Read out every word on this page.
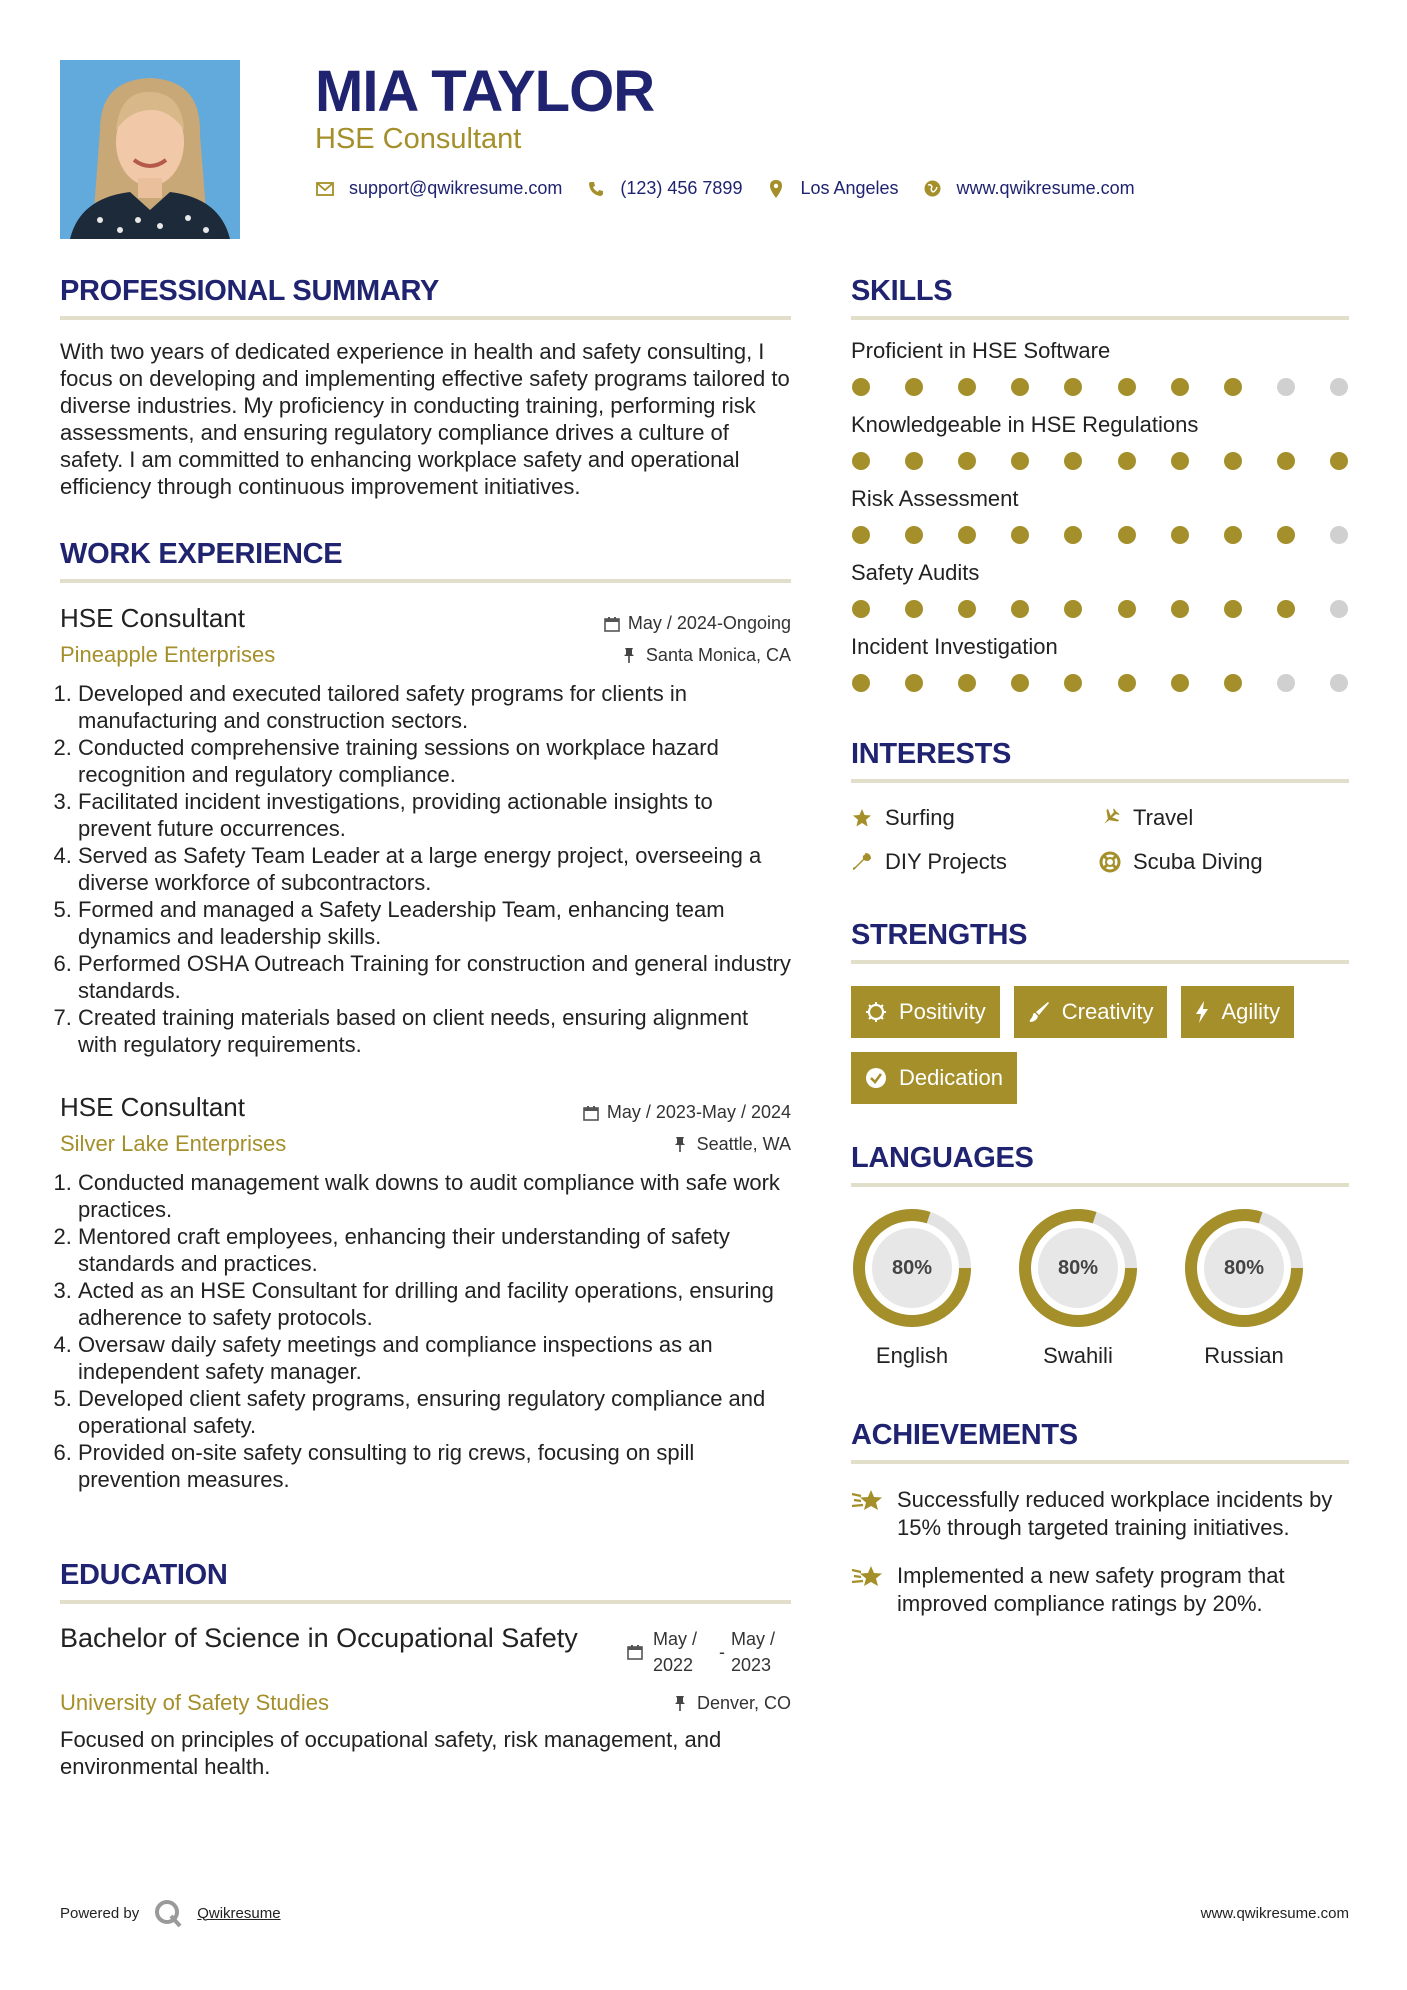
MIA TAYLOR
HSE Consultant
support@qwikresume.com	(123) 456 7899	Los Angeles	www.qwikresume.com
PROFESSIONAL SUMMARY

With two years of dedicated experience in health and safety consulting, I focus on developing and implementing effective safety programs tailored to diverse industries. My proficiency in conducting training, performing risk assessments, and ensuring regulatory compliance drives a culture of safety. I am committed to enhancing workplace safety and operational efficiency through continuous improvement initiatives.

WORK EXPERIENCE
HSE Consultant	May / 2024-Ongoing
Pineapple Enterprises	Santa Monica, CA
1. Developed and executed tailored safety programs for clients in manufacturing and construction sectors.
2. Conducted comprehensive training sessions on workplace hazard recognition and regulatory compliance.
3. Facilitated incident investigations, providing actionable insights to prevent future occurrences.
4. Served as Safety Team Leader at a large energy project, overseeing a diverse workforce of subcontractors.
5. Formed and managed a Safety Leadership Team, enhancing team dynamics and leadership skills.
6. Performed OSHA Outreach Training for construction and general industry standards.
7. Created training materials based on client needs, ensuring alignment with regulatory requirements.
HSE Consultant	May / 2023-May / 2024
Silver Lake Enterprises	Seattle, WA
1. Conducted management walk downs to audit compliance with safe work practices.
2. Mentored craft employees, enhancing their understanding of safety standards and practices.
3. Acted as an HSE Consultant for drilling and facility operations, ensuring adherence to safety protocols.
4. Oversaw daily safety meetings and compliance inspections as an independent safety manager.
5. Developed client safety programs, ensuring regulatory compliance and operational safety.
6. Provided on-site safety consulting to rig crews, focusing on spill prevention measures.
EDUCATION
Bachelor of Science in Occupational Safety	May /
2022
-
May /
2023
University of Safety Studies	Denver, CO

Focused on principles of occupational safety, risk management, and environmental health.

SKILLS
Proficient in HSE Software
Knowledgeable in HSE Regulations
Risk Assessment
Safety Audits
Incident Investigation
INTERESTS
Surfing	Travel
DIY Projects	Scuba Diving
STRENGTHS
Positivity	Creativity	Agility
Dedication
LANGUAGES
80%
English
80%
Swahili
80%
Russian
ACHIEVEMENTS
Successfully reduced workplace incidents by 15% through targeted training initiatives.
Implemented a new safety program that improved compliance ratings by 20%.
Powered by	Qwikresume	www.qwikresume.com
